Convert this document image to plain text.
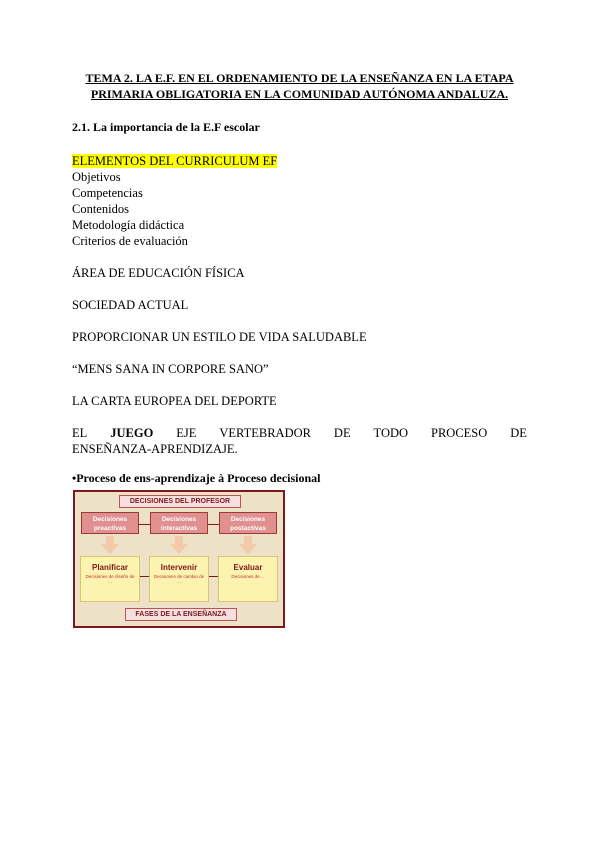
TEMA 2. LA E.F. EN EL ORDENAMIENTO DE LA ENSEÑANZA EN LA ETAPA
PRIMARIA OBLIGATORIA EN LA COMUNIDAD AUTÓNOMA ANDALUZA.
2.1. La importancia de la E.F escolar
ELEMENTOS DEL CURRICULUM EF
Objetivos
Competencias
Contenidos
Metodología didáctica
Criterios de evaluación
ÁREA DE EDUCACIÓN FÍSICA
SOCIEDAD ACTUAL
PROPORCIONAR UN ESTILO DE VIDA SALUDABLE
“MENS SANA IN CORPORE SANO”
LA CARTA EUROPEA DEL DEPORTE
EL JUEGO EJE VERTEBRADOR DE TODO PROCESO DE
ENSEÑANZA-APRENDIZAJE.
•Proceso de ens-aprendizaje à Proceso decisional
DECISIONES DEL PROFESOR
Decisiones
preactivas
Decisiones
interactivas
Decisiones
postactivas
Planificar
Decisiones de diseño de ...
Intervenir
Decisiones de cambio de ...
Evaluar
Decisiones de ...
FASES DE LA ENSEÑANZA
